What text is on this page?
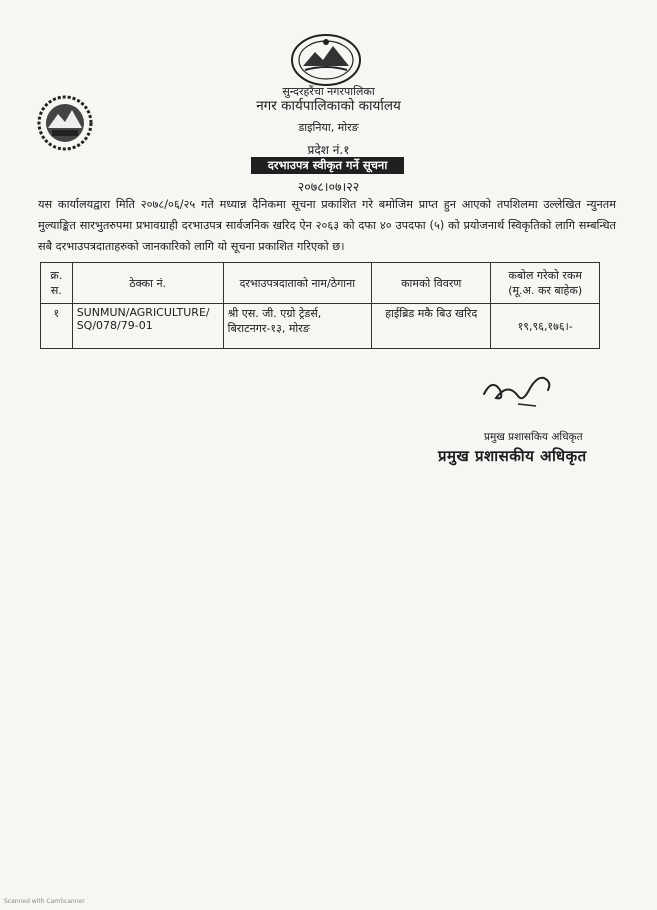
सुन्दरहरैंचा नगरपालिका
नगर कार्यपालिकाको कार्यालय
डाइनिया, मोरङ
प्रदेश नं.१
दरभाउपत्र स्वीकृत गर्ने सूचना
२०७८।०७।२२
यस कार्यालयद्वारा मिति २०७८/०६/२५ गते मध्यान्न दैनिकमा सूचना प्रकाशित गरे बमोजिम प्राप्त हुन आएको तपशिलमा उल्लेखित न्युनतम मुल्याङ्कित सारभुतरुपमा प्रभावग्राही दरभाउपत्र सार्वजनिक खरिद ऐन २०६३ को दफा ४० उपदफा (५) को प्रयोजनार्थ स्विकृतिको लागि सम्बन्धित सबै दरभाउपत्रदाताहरुको जानकारिको लागि यो सूचना प्रकाशित गरिएको छ।
क्र. स.	ठेक्का नं.	दरभाउपत्रदाताको नाम/ठेगाना	कामको विवरण	कबोल गरेको रकम (मू.अ. कर बाहेक)
१	SUNMUN/AGRICULTURE/ SQ/078/79-01	श्री एस. जी. एग्रो ट्रेडर्स, बिराटनगर-१३, मोरङ	हाईब्रिड मकै बिउ खरिद	१९,९६,१७६।-
प्रमुख प्रशासकिय अधिकृत
प्रमुख प्रशासकीय अधिकृत
Scanned with CamScanner
